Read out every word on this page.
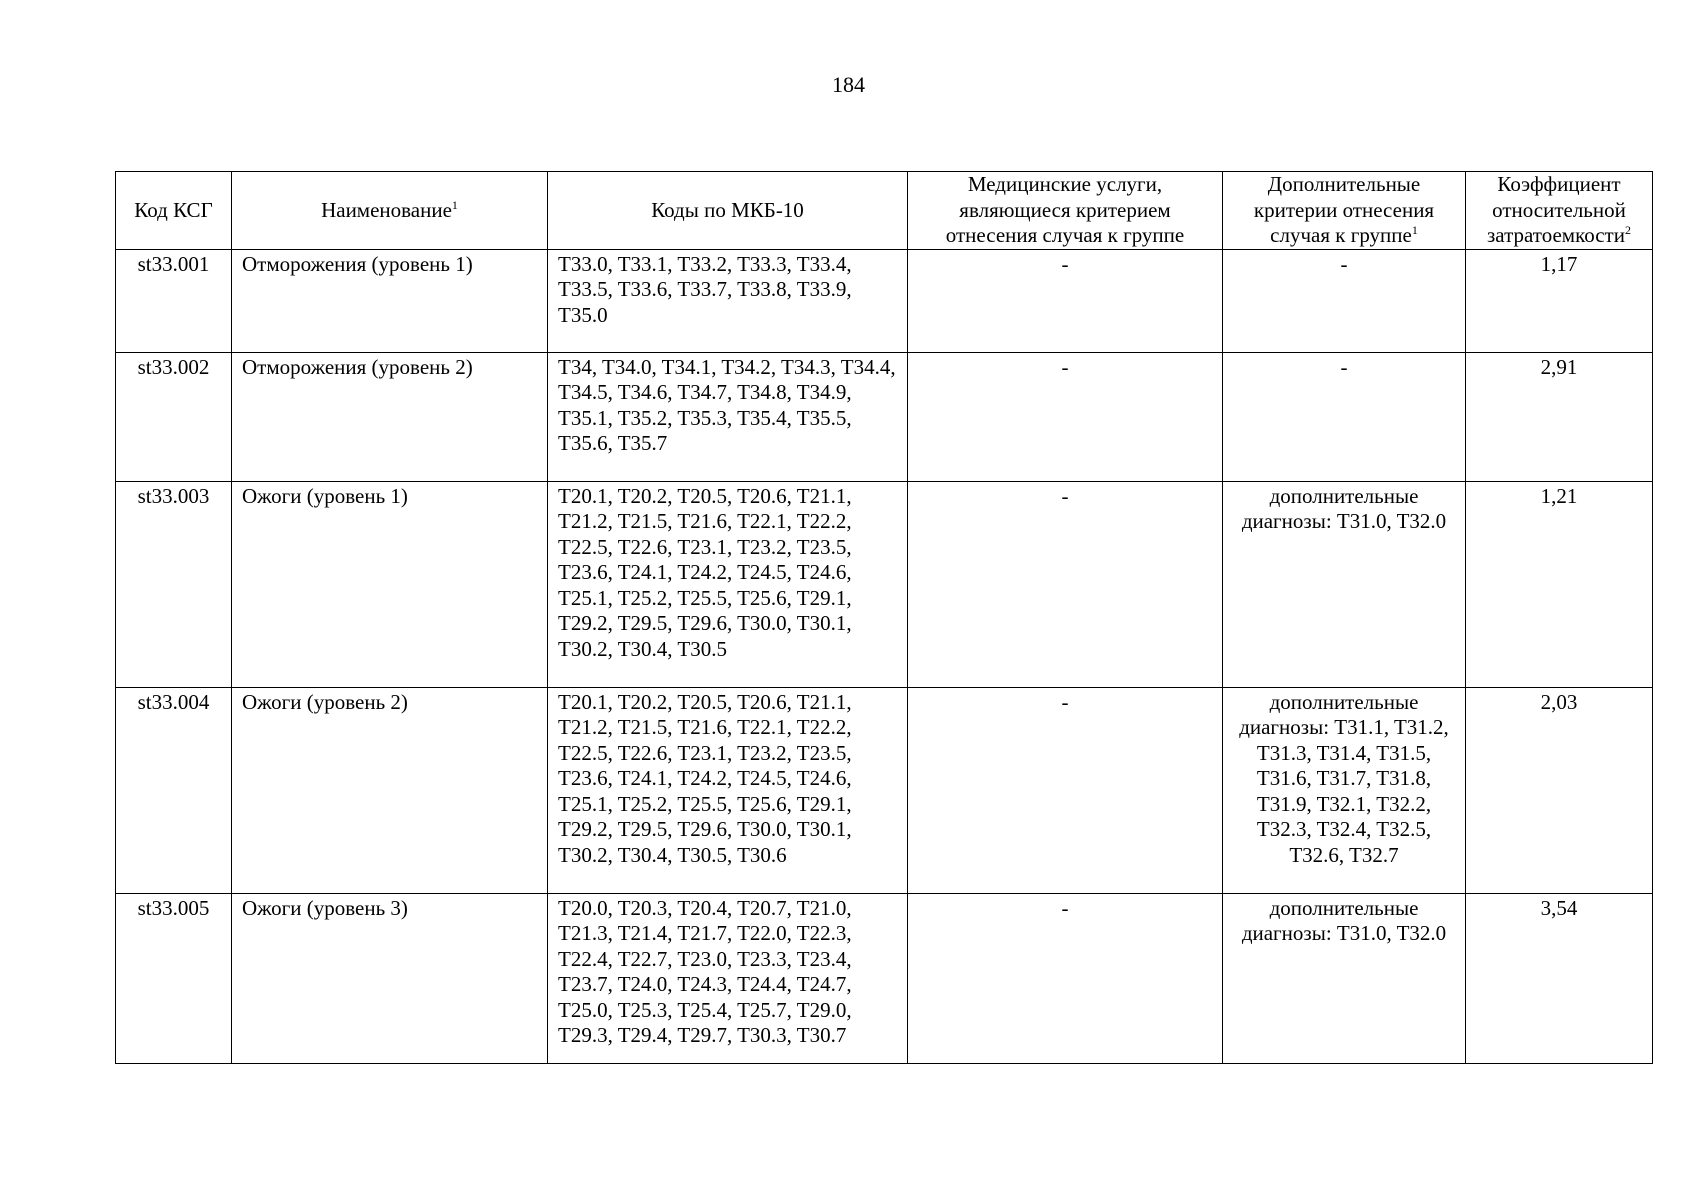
184
Код КСГ	Наименование$^1$	Коды по МКБ-10	Медицинские услуги, являющиеся критерием отнесения случая к группе	Дополнительные критерии отнесения случая к группе$^1$	Коэффициент относительной затратоемкости$^2$
st33.001	Отморожения (уровень 1)	T33.0, T33.1, T33.2, T33.3, T33.4, T33.5, T33.6, T33.7, T33.8, T33.9, T35.0	-	-	1,17
st33.002	Отморожения (уровень 2)	T34, T34.0, T34.1, T34.2, T34.3, T34.4, T34.5, T34.6, T34.7, T34.8, T34.9, T35.1, T35.2, T35.3, T35.4, T35.5, T35.6, T35.7	-	-	2,91
st33.003	Ожоги (уровень 1)	T20.1, T20.2, T20.5, T20.6, T21.1, T21.2, T21.5, T21.6, T22.1, T22.2, T22.5, T22.6, T23.1, T23.2, T23.5, T23.6, T24.1, T24.2, T24.5, T24.6, T25.1, T25.2, T25.5, T25.6, T29.1, T29.2, T29.5, T29.6, T30.0, T30.1, T30.2, T30.4, T30.5	-	дополнительные диагнозы: T31.0, T32.0	1,21
st33.004	Ожоги (уровень 2)	T20.1, T20.2, T20.5, T20.6, T21.1, T21.2, T21.5, T21.6, T22.1, T22.2, T22.5, T22.6, T23.1, T23.2, T23.5, T23.6, T24.1, T24.2, T24.5, T24.6, T25.1, T25.2, T25.5, T25.6, T29.1, T29.2, T29.5, T29.6, T30.0, T30.1, T30.2, T30.4, T30.5, T30.6	-	дополнительные диагнозы: T31.1, T31.2, T31.3, T31.4, T31.5, T31.6, T31.7, T31.8, T31.9, T32.1, T32.2, T32.3, T32.4, T32.5, T32.6, T32.7	2,03
st33.005	Ожоги (уровень 3)	T20.0, T20.3, T20.4, T20.7, T21.0, T21.3, T21.4, T21.7, T22.0, T22.3, T22.4, T22.7, T23.0, T23.3, T23.4, T23.7, T24.0, T24.3, T24.4, T24.7, T25.0, T25.3, T25.4, T25.7, T29.0, T29.3, T29.4, T29.7, T30.3, T30.7	-	дополнительные диагнозы: T31.0, T32.0	3,54
